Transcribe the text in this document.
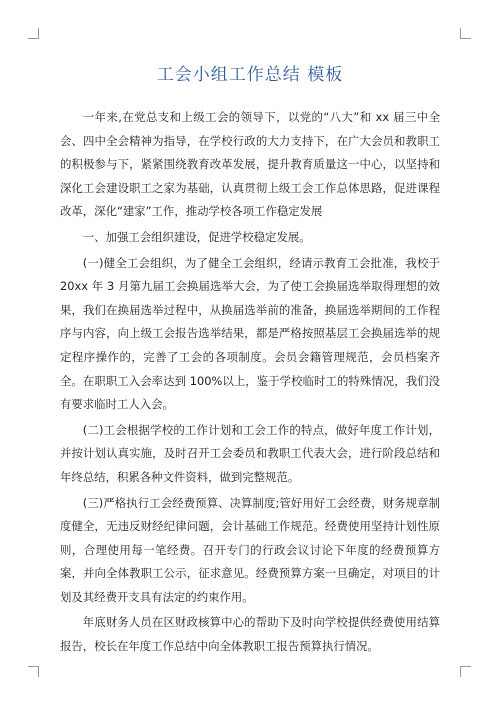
工会小组工作总结 模板

一年来,在党总支和上级工会的领导下，以党的“八大”和 xx 届三中全会、四中全会精神为指导，在学校行政的大力支持下，在广大会员和教职工的积极参与下，紧紧围绕教育改革发展，提升教育质量这一中心，以坚持和深化工会建设职工之家为基础，认真贯彻上级工会工作总体思路，促进课程改革，深化“建家”工作，推动学校各项工作稳定发展

一、加强工会组织建设，促进学校稳定发展。

(一)健全工会组织，为了健全工会组织，经请示教育工会批准，我校于 20xx 年 3 月第九届工会换届选举大会，为了使工会换届选举取得理想的效果，我们在换届选举过程中，从换届选举前的准备，换届选举期间的工作程序与内容，向上级工会报告选举结果，都是严格按照基层工会换届选举的规定程序操作的，完善了工会的各项制度。会员会籍管理规范，会员档案齐全。在职职工入会率达到 100%以上，鉴于学校临时工的特殊情况，我们没有要求临时工人入会。

(二)工会根据学校的工作计划和工会工作的特点，做好年度工作计划，并按计划认真实施，及时召开工会委员和教职工代表大会，进行阶段总结和年终总结，积累各种文件资料，做到完整规范。

(三)严格执行工会经费预算、决算制度;管好用好工会经费，财务规章制度健全，无违反财经纪律问题，会计基础工作规范。经费使用坚持计划性原则，合理使用每一笔经费。召开专门的行政会议讨论下年度的经费预算方案，并向全体教职工公示，征求意见。经费预算方案一旦确定，对项目的计划及其经费开支具有法定的约束作用。

年底财务人员在区财政核算中心的帮助下及时向学校提供经费使用结算报告，校长在年度工作总结中向全体教职工报告预算执行情况。
